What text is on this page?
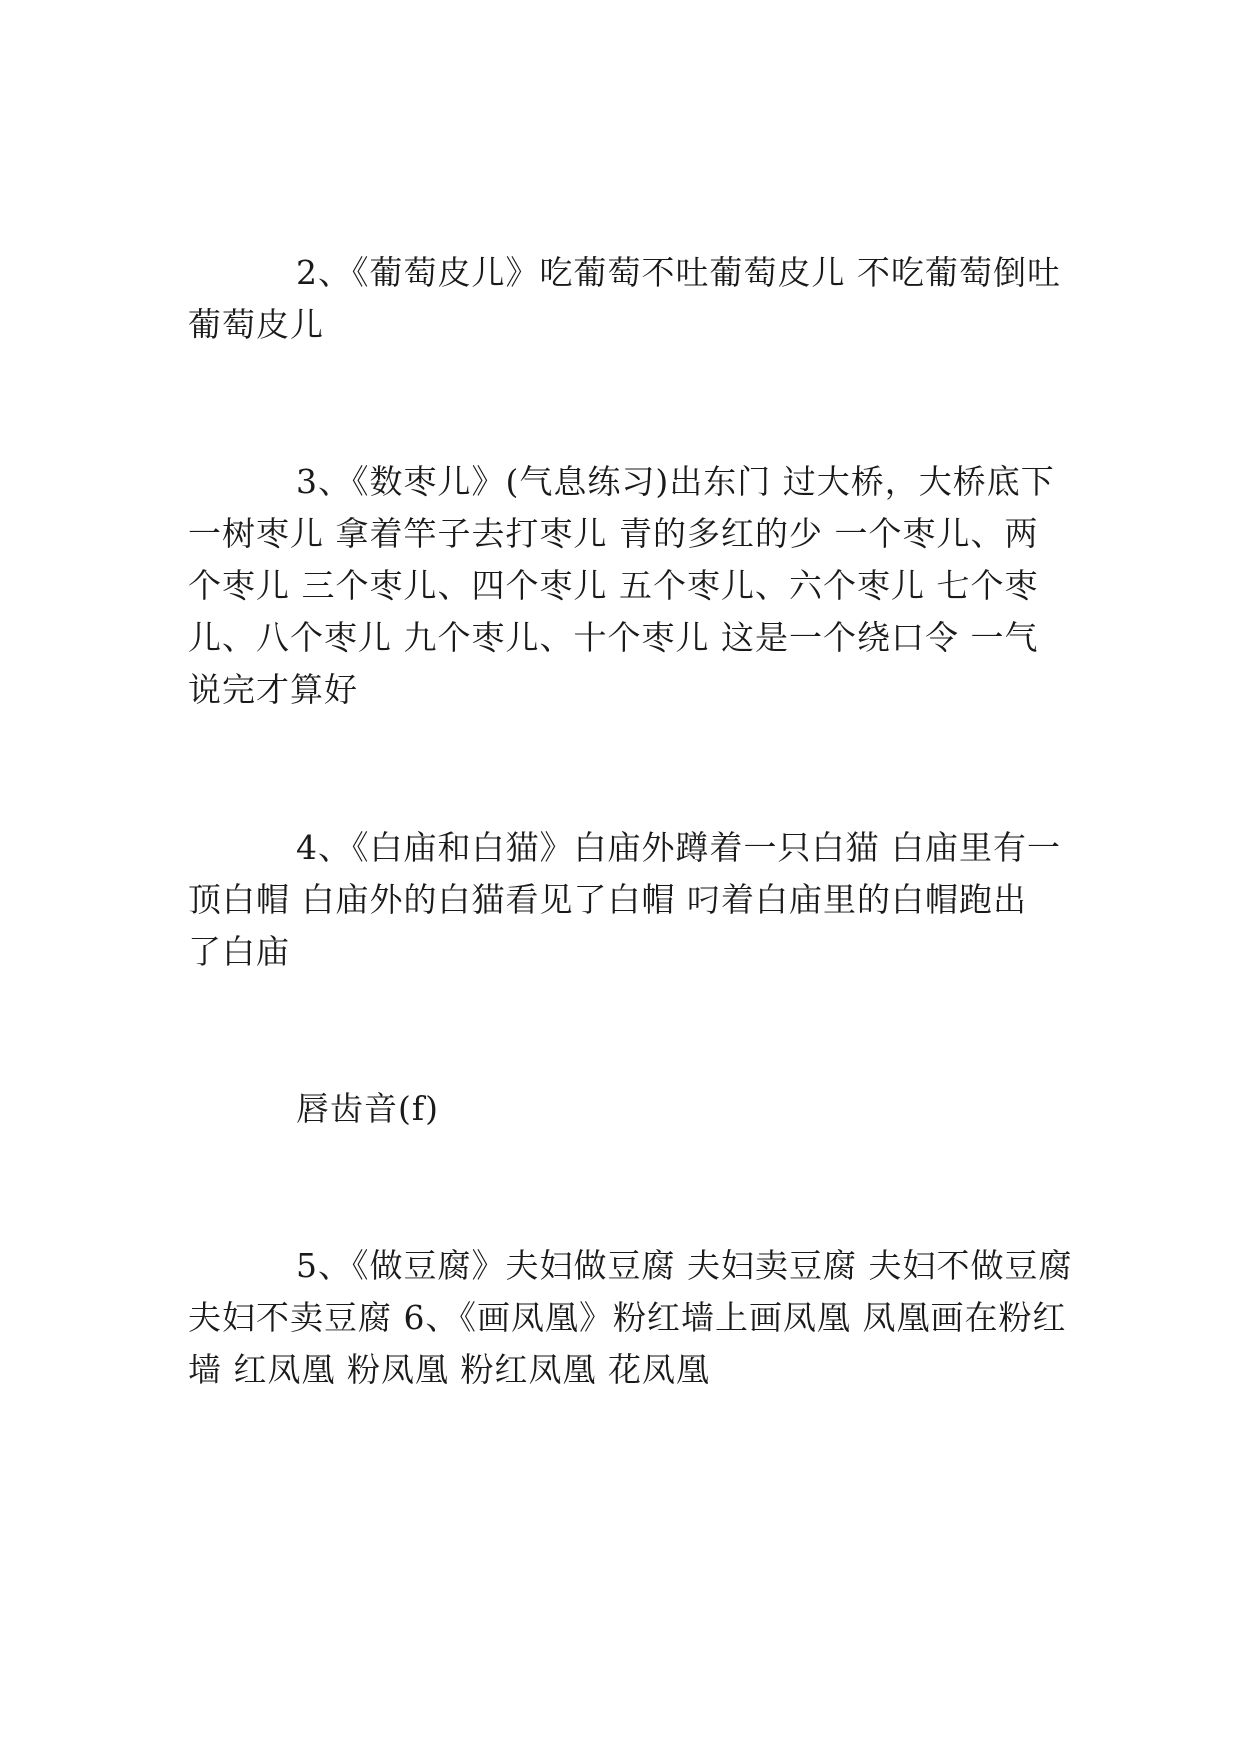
2、《葡萄皮儿》吃葡萄不吐葡萄皮儿 不吃葡萄倒吐
葡萄皮儿
3、《数枣儿》(气息练习)出东门 过大桥，大桥底下
一树枣儿 拿着竿子去打枣儿 青的多红的少 一个枣儿、两
个枣儿 三个枣儿、四个枣儿 五个枣儿、六个枣儿 七个枣
儿、八个枣儿 九个枣儿、十个枣儿 这是一个绕口令 一气
说完才算好
4、《白庙和白猫》白庙外蹲着一只白猫 白庙里有一
顶白帽 白庙外的白猫看见了白帽 叼着白庙里的白帽跑出
了白庙
唇齿音(f)
5、《做豆腐》夫妇做豆腐 夫妇卖豆腐 夫妇不做豆腐
夫妇不卖豆腐 6、《画凤凰》粉红墙上画凤凰 凤凰画在粉红
墙 红凤凰 粉凤凰 粉红凤凰 花凤凰
